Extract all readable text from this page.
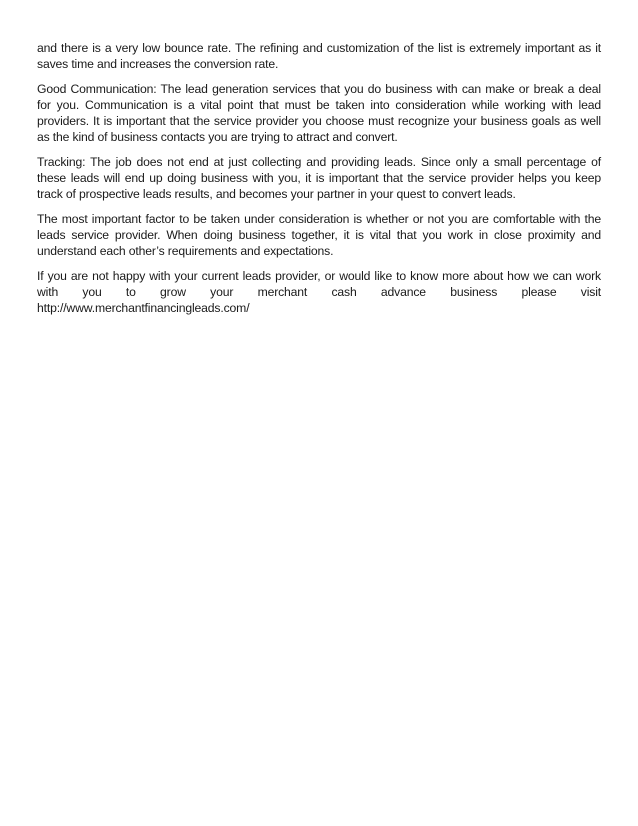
and there is a very low bounce rate. The refining and customization of the list is extremely important as it saves time and increases the conversion rate.

Good Communication: The lead generation services that you do business with can make or break a deal for you. Communication is a vital point that must be taken into consideration while working with lead providers. It is important that the service provider you choose must recognize your business goals as well as the kind of business contacts you are trying to attract and convert.

Tracking: The job does not end at just collecting and providing leads. Since only a small percentage of these leads will end up doing business with you, it is important that the service provider helps you keep track of prospective leads results, and becomes your partner in your quest to convert leads.

The most important factor to be taken under consideration is whether or not you are comfortable with the leads service provider. When doing business together, it is vital that you work in close proximity and understand each other’s requirements and expectations.

If you are not happy with your current leads provider, or would like to know more about how we can work with you to grow your merchant cash advance business please visit http://www.merchantfinancingleads.com/
